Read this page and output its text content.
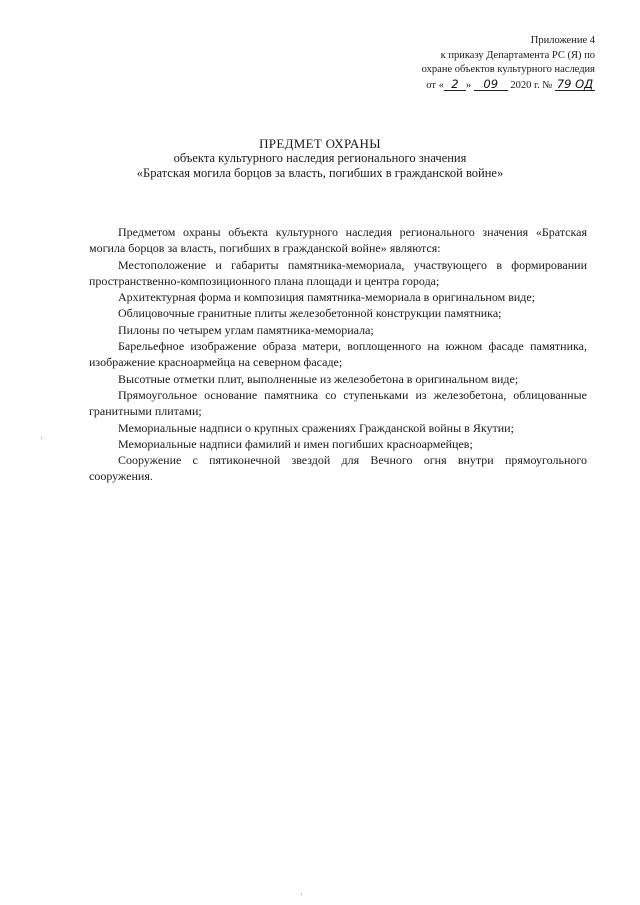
Приложение 4
к приказу Департамента РС (Я) по
охране объектов культурного наследия
от « 2 » 09 2020 г. № 79 ОД
ПРЕДМЕТ ОХРАНЫ
объекта культурного наследия регионального значения
«Братская могила борцов за власть, погибших в гражданской войне»

Предметом охраны объекта культурного наследия регионального значения «Братская могила борцов за власть, погибших в гражданской войне» являются:

Местоположение и габариты памятника-мемориала, участвующего в формировании пространственно-композиционного плана площади и центра города;

Архитектурная форма и композиция памятника-мемориала в оригинальном виде;

Облицовочные гранитные плиты железобетонной конструкции памятника;

Пилоны по четырем углам памятника-мемориала;

Барельефное изображение образа матери, воплощенного на южном фасаде памятника, изображение красноармейца на северном фасаде;

Высотные отметки плит, выполненные из железобетона в оригинальном виде;

Прямоугольное основание памятника со ступеньками из железобетона, облицованные гранитными плитами;

Мемориальные надписи о крупных сражениях Гражданской войны в Якутии;

Мемориальные надписи фамилий и имен погибших красноармейцев;

Сооружение с пятиконечной звездой для Вечного огня внутри прямоугольного сооружения.

·
·
